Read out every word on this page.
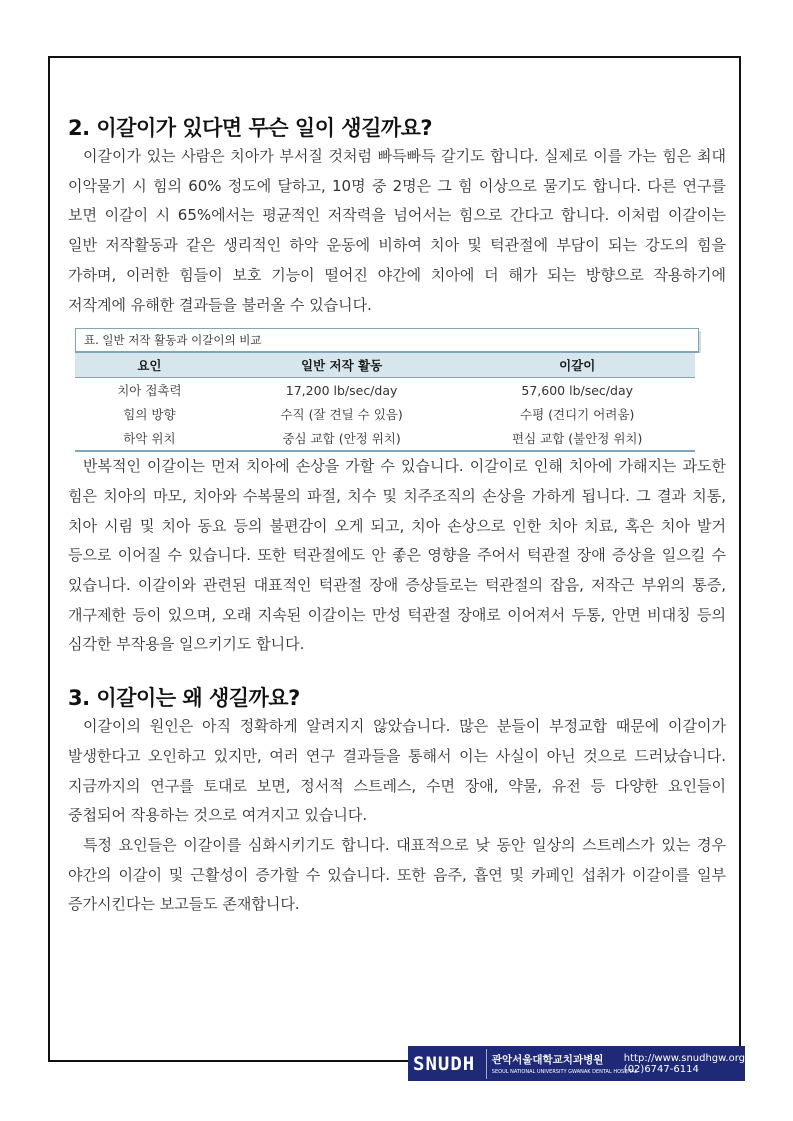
2. 이갈이가 있다면 무슨 일이 생길까요?

이갈이가 있는 사람은 치아가 부서질 것처럼 빠득빠득 갈기도 합니다. 실제로 이를 가는 힘은 최대 이악물기 시 힘의 60% 정도에 달하고, 10명 중 2명은 그 힘 이상으로 물기도 합니다. 다른 연구를 보면 이갈이 시 65%에서는 평균적인 저작력을 넘어서는 힘으로 간다고 합니다. 이처럼 이갈이는 일반 저작활동과 같은 생리적인 하악 운동에 비하여 치아 및 턱관절에 부담이 되는 강도의 힘을 가하며, 이러한 힘들이 보호 기능이 떨어진 야간에 치아에 더 해가 되는 방향으로 작용하기에 저작계에 유해한 결과들을 불러올 수 있습니다.

표. 일반 저작 활동과 이갈이의 비교
요인	일반 저작 활동	이갈이
치아 접촉력	17,200 lb/sec/day	57,600 lb/sec/day
힘의 방향	수직 (잘 견딜 수 있음)	수평 (견디기 어려움)
하악 위치	중심 교합 (안정 위치)	편심 교합 (불안정 위치)

반복적인 이갈이는 먼저 치아에 손상을 가할 수 있습니다. 이갈이로 인해 치아에 가해지는 과도한 힘은 치아의 마모, 치아와 수복물의 파절, 치수 및 치주조직의 손상을 가하게 됩니다. 그 결과 치통, 치아 시림 및 치아 동요 등의 불편감이 오게 되고, 치아 손상으로 인한 치아 치료, 혹은 치아 발거 등으로 이어질 수 있습니다. 또한 턱관절에도 안 좋은 영향을 주어서 턱관절 장애 증상을 일으킬 수 있습니다. 이갈이와 관련된 대표적인 턱관절 장애 증상들로는 턱관절의 잡음, 저작근 부위의 통증, 개구제한 등이 있으며, 오래 지속된 이갈이는 만성 턱관절 장애로 이어져서 두통, 안면 비대칭 등의 심각한 부작용을 일으키기도 합니다.

3. 이갈이는 왜 생길까요?

이갈이의 원인은 아직 정확하게 알려지지 않았습니다. 많은 분들이 부정교합 때문에 이갈이가 발생한다고 오인하고 있지만, 여러 연구 결과들을 통해서 이는 사실이 아닌 것으로 드러났습니다. 지금까지의 연구를 토대로 보면, 정서적 스트레스, 수면 장애, 약물, 유전 등 다양한 요인들이 중첩되어 작용하는 것으로 여겨지고 있습니다.

특정 요인들은 이갈이를 심화시키기도 합니다. 대표적으로 낮 동안 일상의 스트레스가 있는 경우 야간의 이갈이 및 근활성이 증가할 수 있습니다. 또한 음주, 흡연 및 카페인 섭취가 이갈이를 일부 증가시킨다는 보고들도 존재합니다.

SNUDH	관악서울대학교치과병원
SEOUL NATIONAL UNIVERSITY GWANAK DENTAL HOSPITAL
http://www.snudhgw.org
(02)6747-6114
